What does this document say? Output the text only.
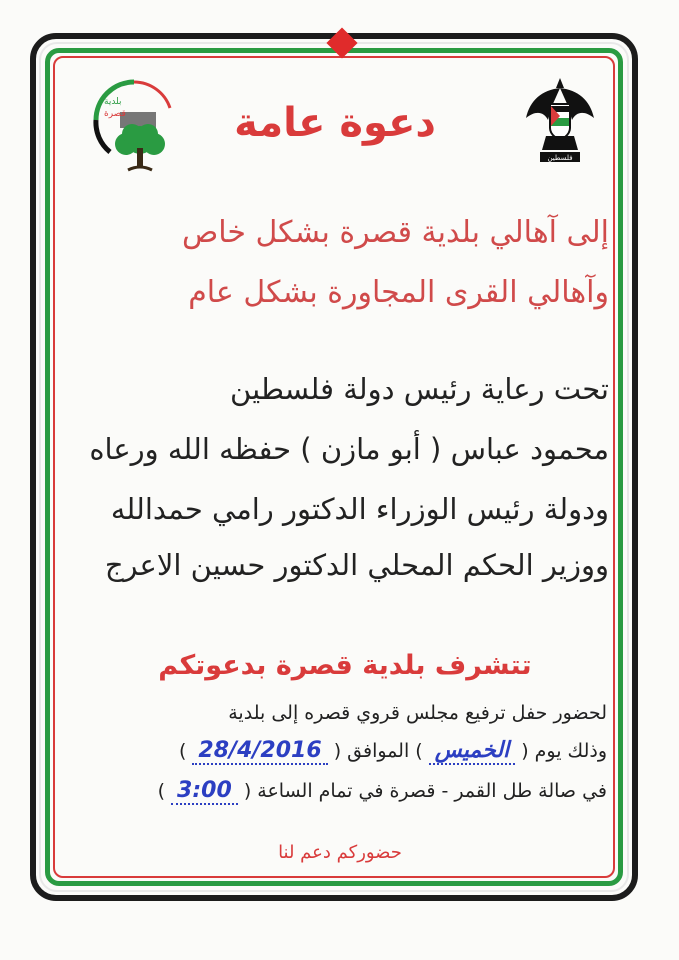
بلدية
قصرة
فلسطين
دعوة عامة
إلى آهالي بلدية قصرة بشكل خاص
وآهالي القرى المجاورة بشكل عام
تحت رعاية رئيس دولة فلسطين
محمود عباس ( أبو مازن ) حفظه الله ورعاه
ودولة رئيس الوزراء الدكتور رامي حمدالله
ووزير الحكم المحلي الدكتور حسين الاعرج
تتشرف بلدية قصرة بدعوتكم
لحضور حفل ترفيع مجلس قروي قصره إلى بلدية
وذلك يوم ( الخميس ) الموافق ( 28/4/2016 )
في صالة طل القمر - قصرة في تمام الساعة ( 3:00 )
حضوركم دعم لنا
